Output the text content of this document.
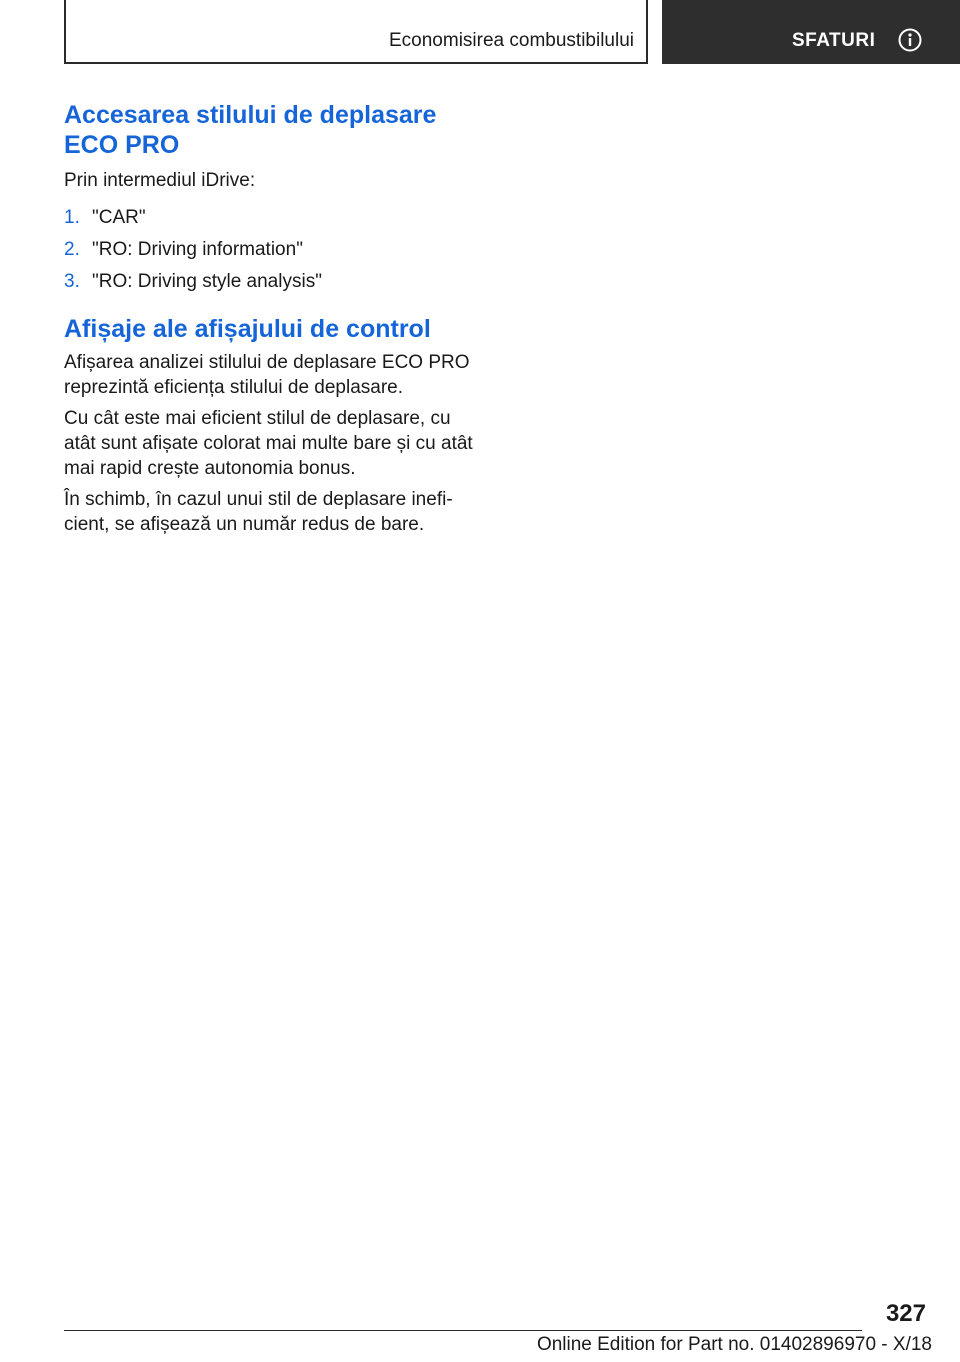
Economisirea combustibilului	SFATURI
Accesarea stilului de deplasare
ECO PRO

Prin intermediul iDrive:

1. "CAR"
2. "RO: Driving information"
3. "RO: Driving style analysis"
Afișaje ale afișajului de control

Afișarea analizei stilului de deplasare ECO PRO
reprezintă eficiența stilului de deplasare.

Cu cât este mai eficient stilul de deplasare, cu
atât sunt afișate colorat mai multe bare și cu atât
mai rapid crește autonomia bonus.

În schimb, în cazul unui stil de deplasare inefi‐
cient, se afișează un număr redus de bare.

327
Online Edition for Part no. 01402896970 - X/18
